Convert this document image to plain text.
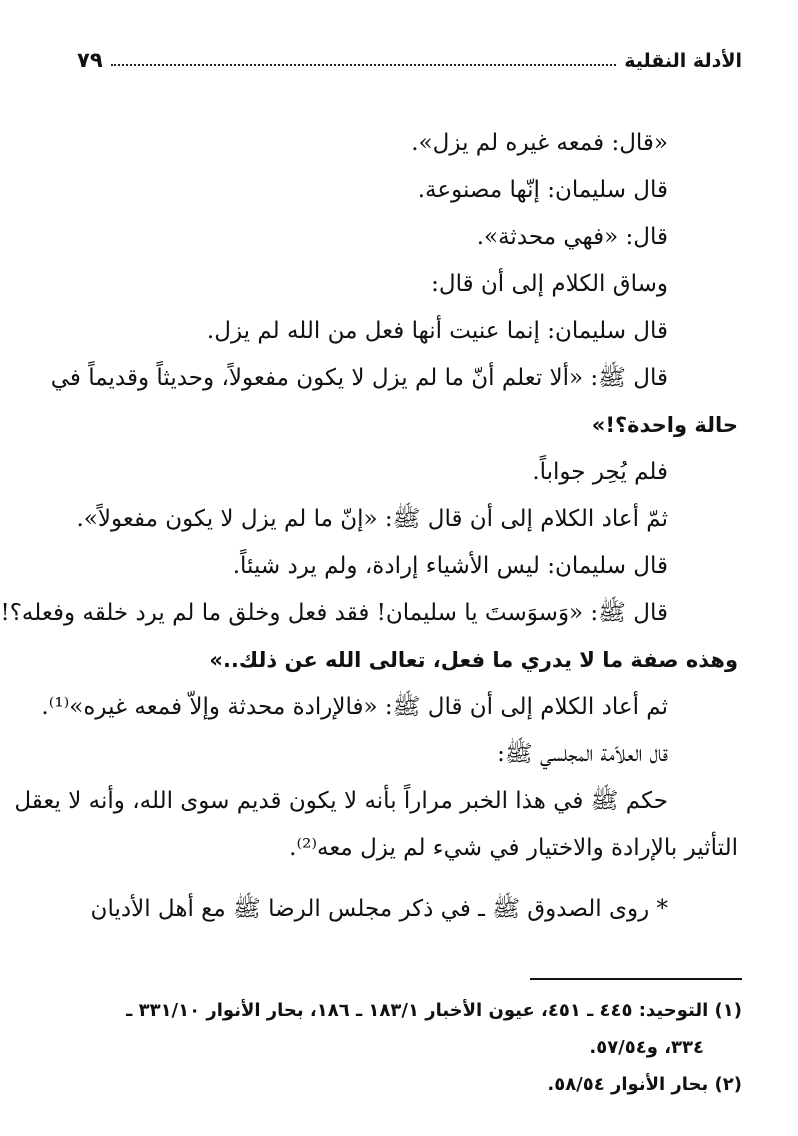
الأدلة النقلية
٧٩

«قال: فمعه غيره لم يزل».

قال سليمان: إنّها مصنوعة.

قال: «فهي محدثة».

وساق الكلام إلى أن قال:

قال سليمان: إنما عنيت أنها فعل من الله لم يزل.

قال ﷺ: «ألا تعلم أنّ ما لم يزل لا يكون مفعولاً، وحديثاً وقديماً في

حالة واحدة؟!»

فلم يُحِر جواباً.

ثمّ أعاد الكلام إلى أن قال ﷺ: «إنّ ما لم يزل لا يكون مفعولاً».

قال سليمان: ليس الأشياء إرادة، ولم يرد شيئاً.

قال ﷺ: «وَسوَستَ يا سليمان! فقد فعل وخلق ما لم يرد خلقه وفعله؟!

وهذه صفة ما لا يدري ما فعل، تعالى الله عن ذلك..»

ثم أعاد الكلام إلى أن قال ﷺ: «فالإرادة محدثة وإلاّ فمعه غيره»⁽¹⁾.

قال العلاّمة المجلسي ﷺ:

حكم ﷺ في هذا الخبر مراراً بأنه لا يكون قديم سوى الله، وأنه لا يعقل

التأثير بالإرادة والاختيار في شيء لم يزل معه⁽²⁾.

* روى الصدوق ﷺ ـ في ذكر مجلس الرضا ﷺ مع أهل الأديان

(١) التوحيد: ٤٤٥ ـ ٤٥١، عيون الأخبار ١٨٣/١ ـ ١٨٦، بحار الأنوار ٣٣١/١٠ ـ

٣٣٤، و٥٧/٥٤.

(٢) بحار الأنوار ٥٨/٥٤.
